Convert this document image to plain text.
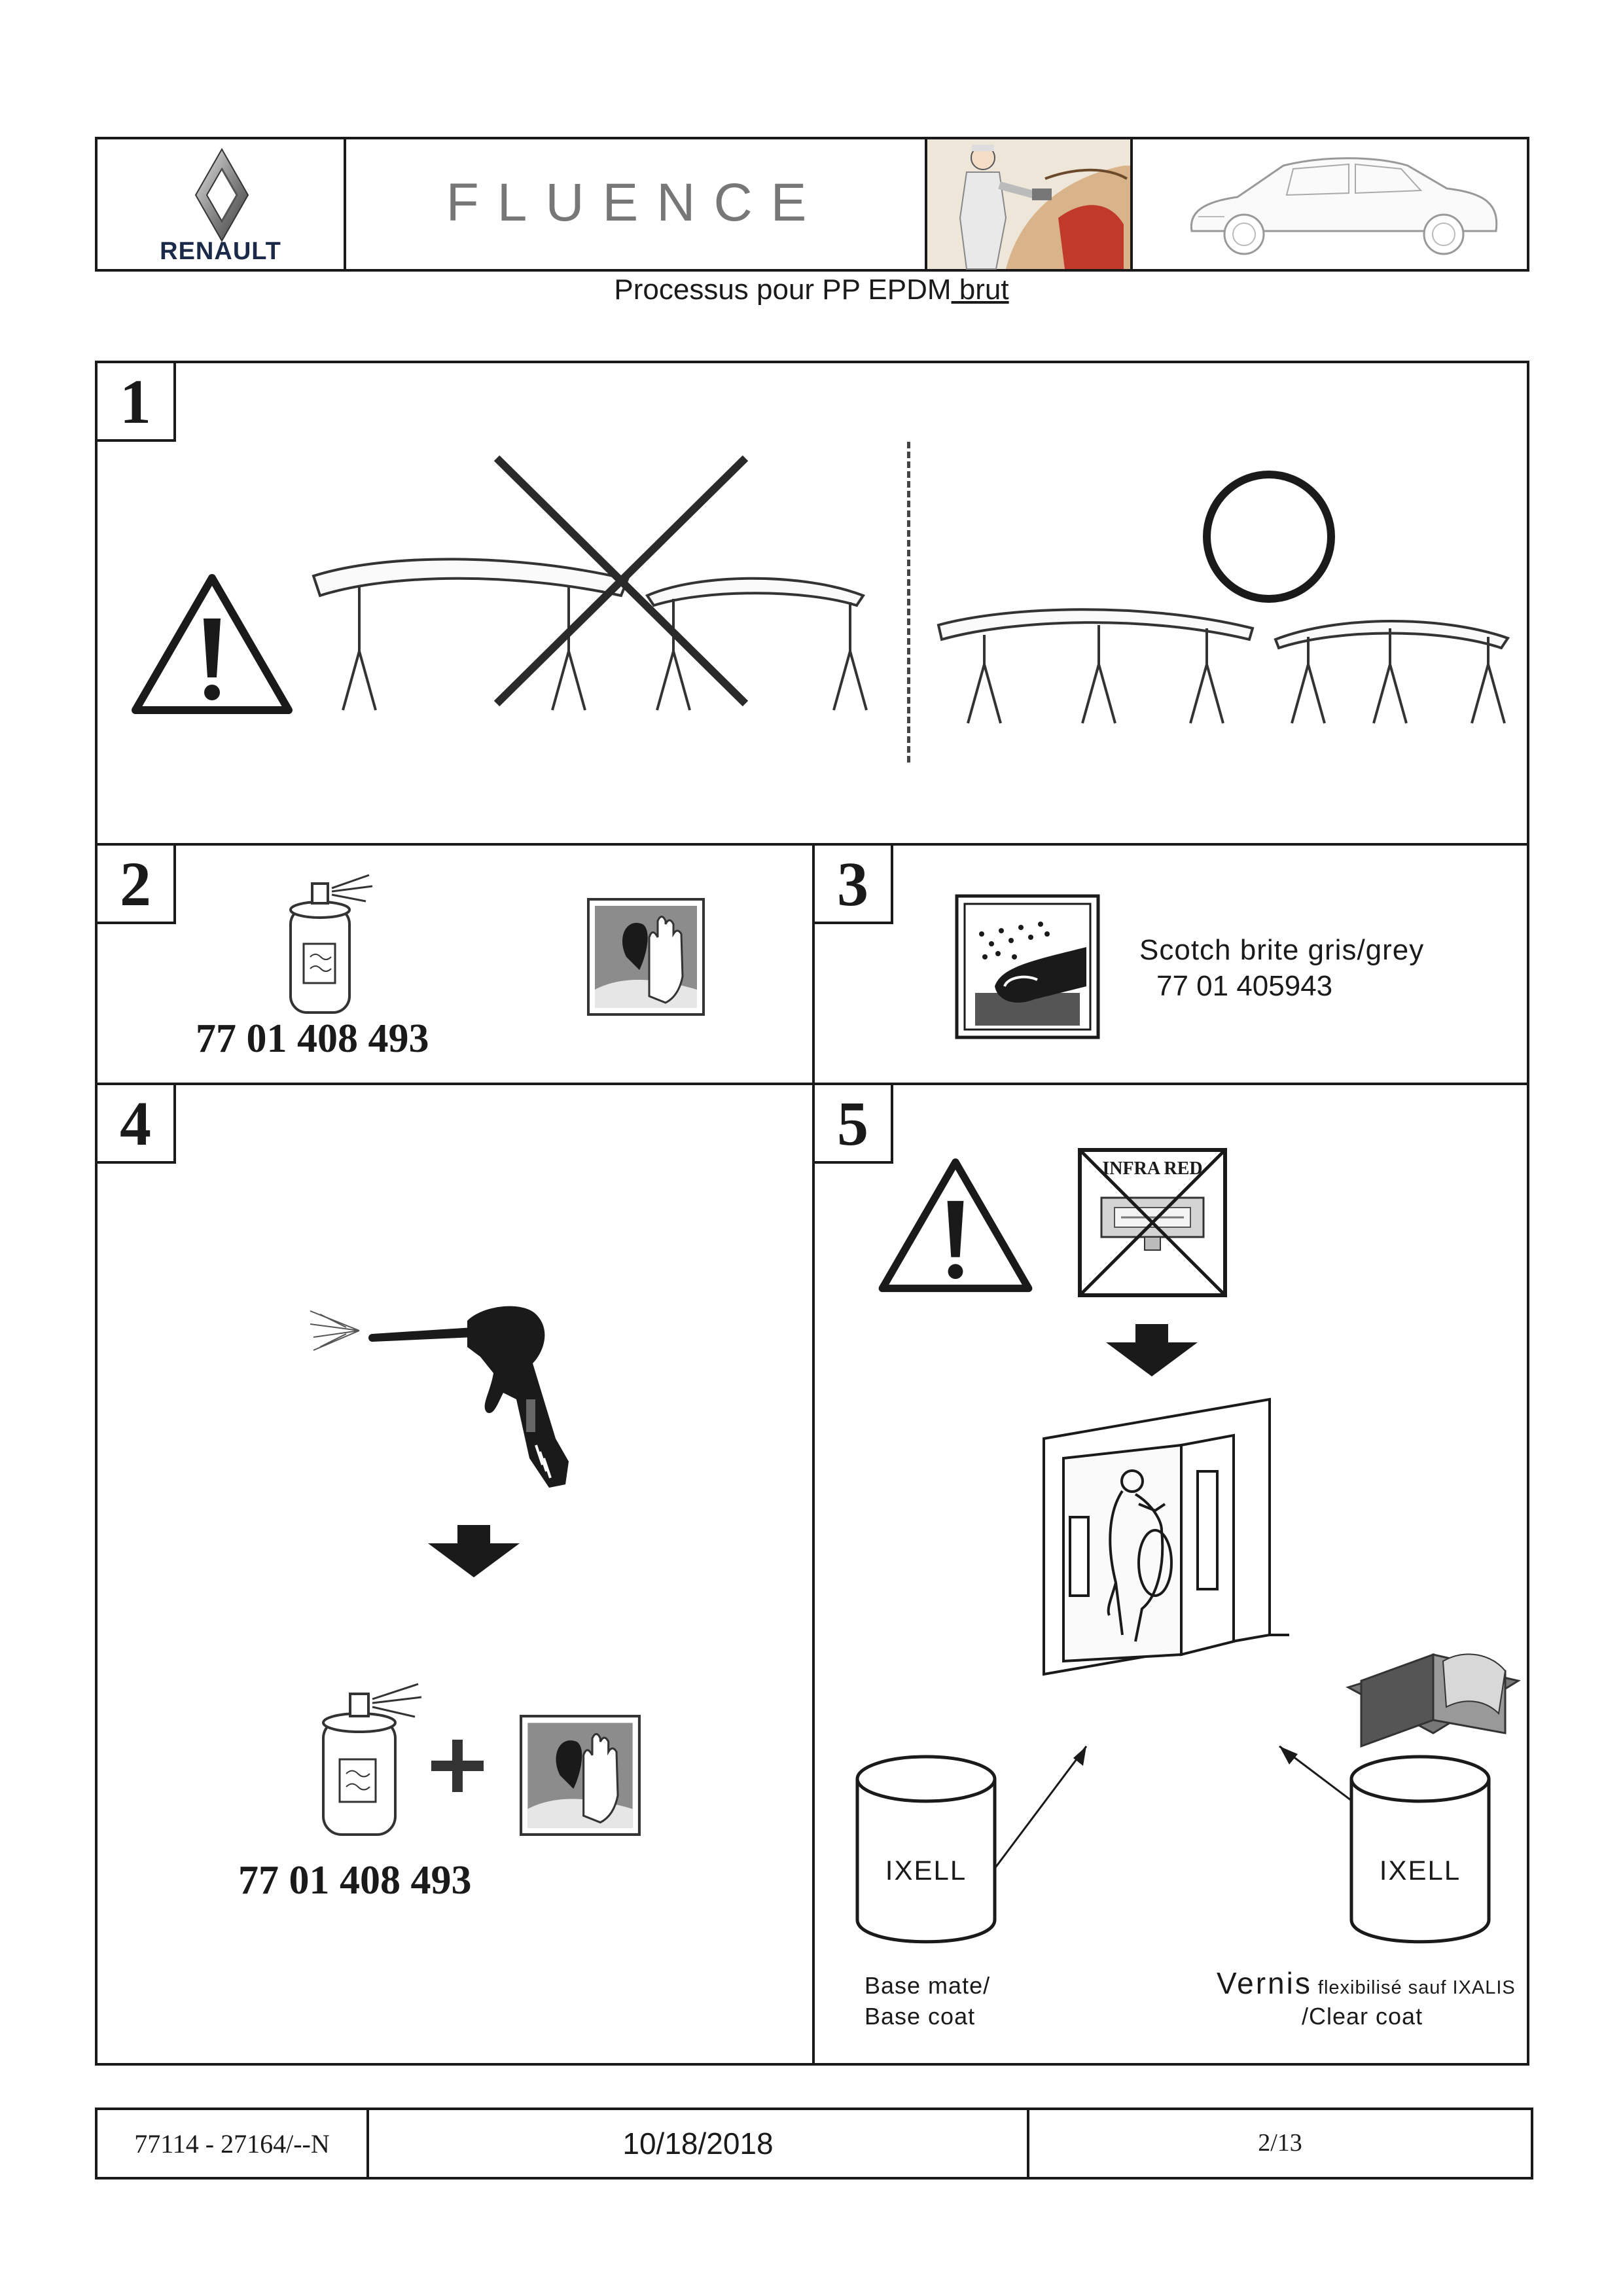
RENAULT
FLUENCE
Processus pour PP EPDM brut
1
2
77 01 408 493
3
Scotch brite gris/grey
77 01 405943
4
77 01 408 493
5
INFRA RED
IXELL	IXELL
Base mate/
Base coat
Vernis flexibilisé sauf IXALIS
/Clear coat
77114 - 27164/--N	10/18/2018	2/13
